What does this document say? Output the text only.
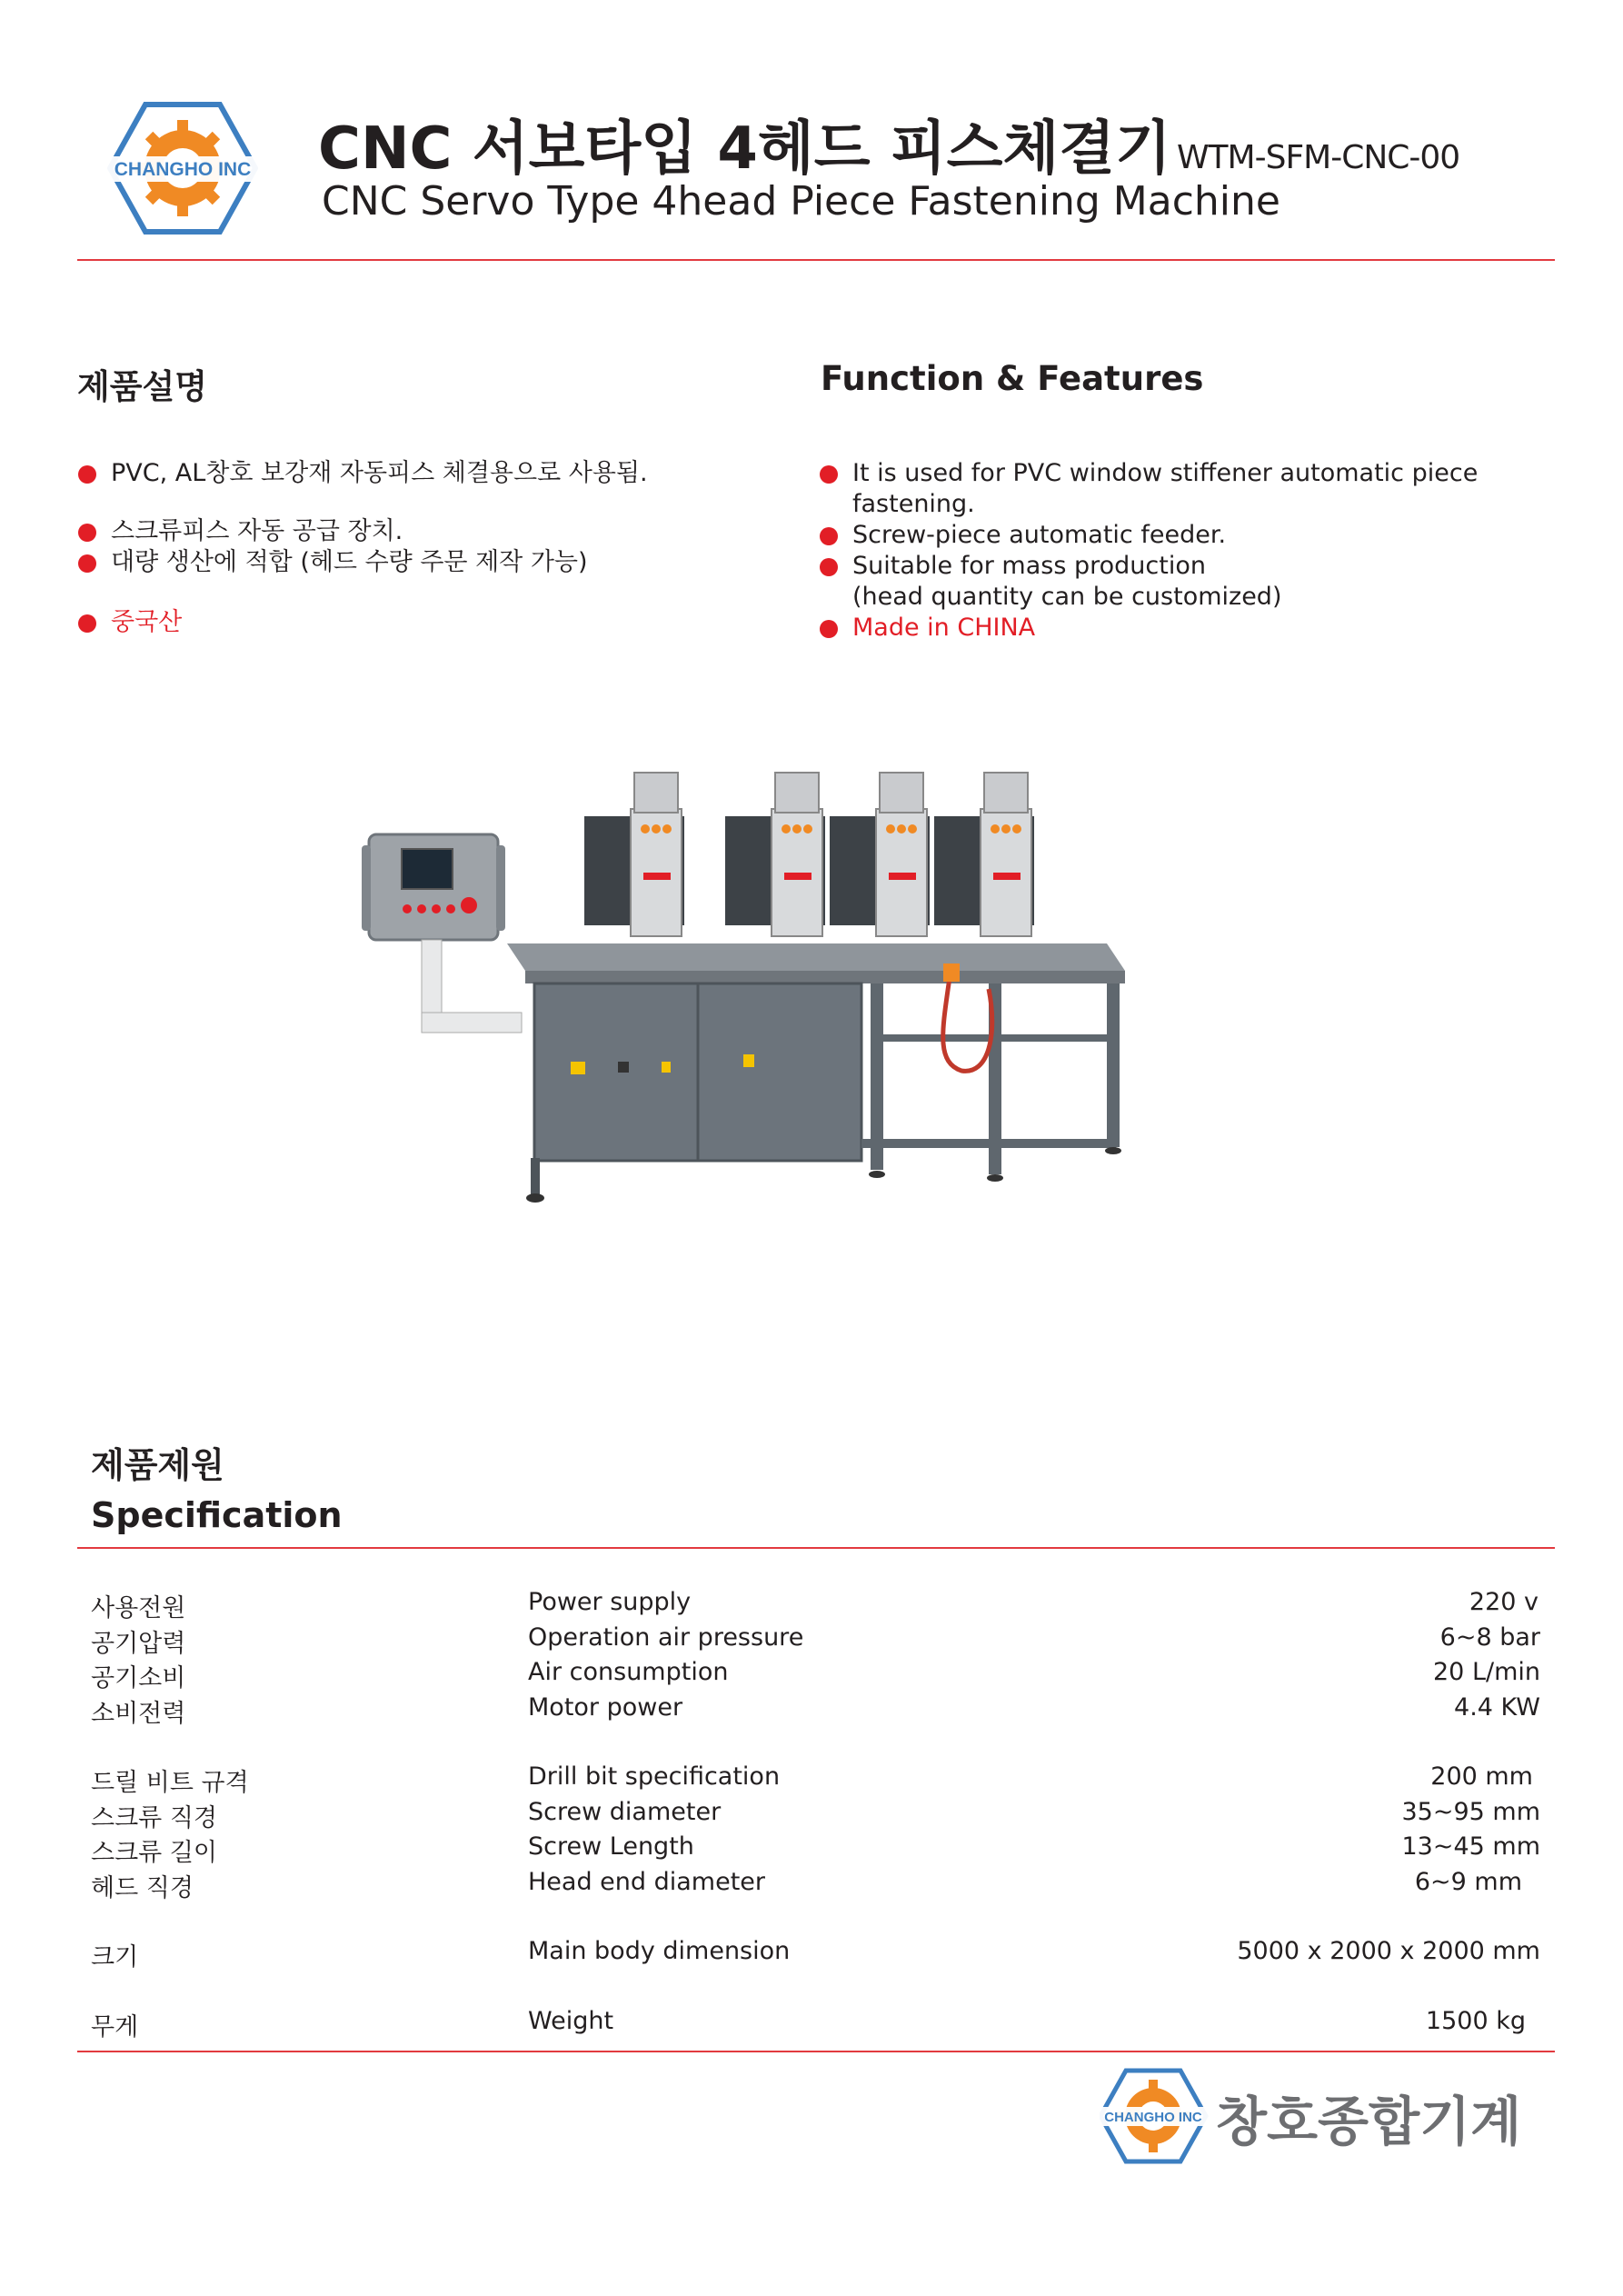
CHANGHO INC CNC 서보타입 4헤드 피스체결기 WTM-SFM-CNC-00
CNC Servo Type 4head Piece Fastening Machine
제품설명
PVC, AL창호 보강재 자동피스 체결용으로 사용됨.
스크류피스 자동 공급 장치.
대량 생산에 적합 (헤드 수량 주문 제작 가능)
중국산
Function & Features
It is used for PVC window stiffener automatic piece
fastening.
Screw-piece automatic feeder.
Suitable for mass production
(head quantity can be customized)
Made in CHINA
제품제원
Specification
사용전원	Power supply	220 v
공기압력	Operation air pressure	6~8 bar
공기소비	Air consumption	20 L/min
소비전력	Motor power	4.4 KW
드릴 비트 규격	Drill bit specification	200 mm
스크류 직경	Screw diameter	35~95 mm
스크류 길이	Screw Length	13~45 mm
헤드 직경	Head end diameter	6~9 mm
크기	Main body dimension	5000 x 2000 x 2000 mm
무게	Weight	1500 kg
CHANGHO INC 창호종합기계
